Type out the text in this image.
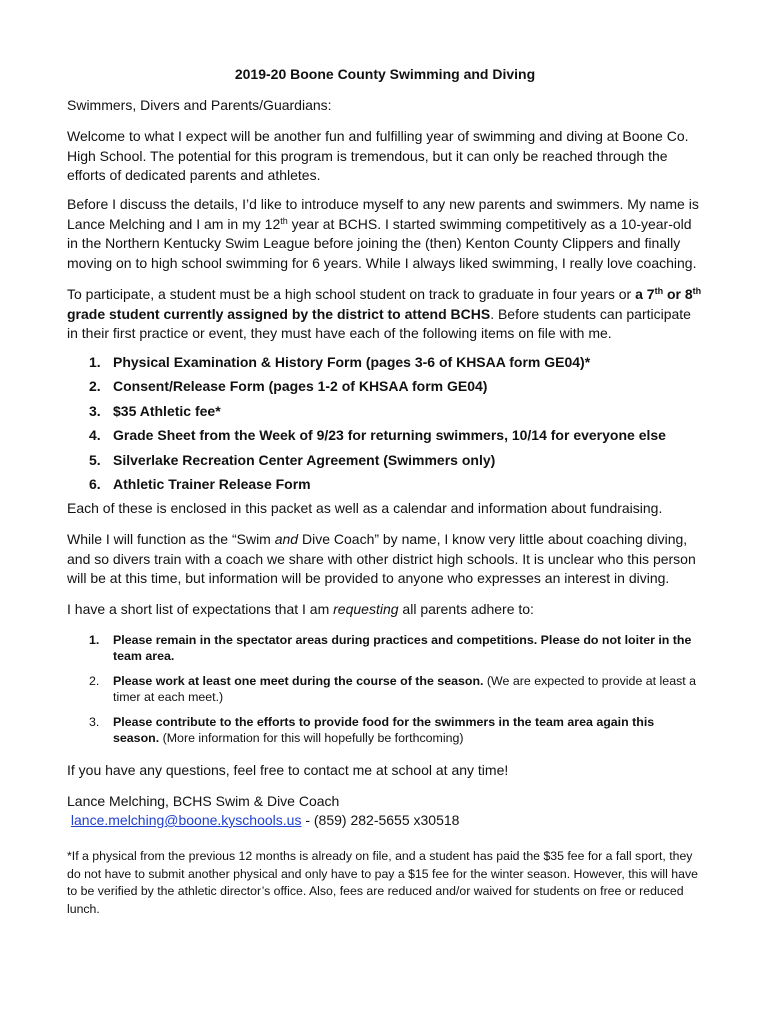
2019-20 Boone County Swimming and Diving

Swimmers, Divers and Parents/Guardians:

Welcome to what I expect will be another fun and fulfilling year of swimming and diving at Boone Co. High School. The potential for this program is tremendous, but it can only be reached through the efforts of dedicated parents and athletes.

Before I discuss the details, I’d like to introduce myself to any new parents and swimmers. My name is Lance Melching and I am in my 12th year at BCHS. I started swimming competitively as a 10-year-old in the Northern Kentucky Swim League before joining the (then) Kenton County Clippers and finally moving on to high school swimming for 6 years. While I always liked swimming, I really love coaching.

To participate, a student must be a high school student on track to graduate in four years or a 7th or 8th grade student currently assigned by the district to attend BCHS. Before students can participate in their first practice or event, they must have each of the following items on file with me.

1. Physical Examination & History Form (pages 3-6 of KHSAA form GE04)*
2. Consent/Release Form (pages 1-2 of KHSAA form GE04)
3. $35 Athletic fee*
4. Grade Sheet from the Week of 9/23 for returning swimmers, 10/14 for everyone else
5. Silverlake Recreation Center Agreement (Swimmers only)
6. Athletic Trainer Release Form

Each of these is enclosed in this packet as well as a calendar and information about fundraising.

While I will function as the “Swim and Dive Coach” by name, I know very little about coaching diving, and so divers train with a coach we share with other district high schools. It is unclear who this person will be at this time, but information will be provided to anyone who expresses an interest in diving.

I have a short list of expectations that I am requesting all parents adhere to:

1. Please remain in the spectator areas during practices and competitions. Please do not loiter in the team area.
2. Please work at least one meet during the course of the season. (We are expected to provide at least a timer at each meet.)
3. Please contribute to the efforts to provide food for the swimmers in the team area again this season. (More information for this will hopefully be forthcoming)

If you have any questions, feel free to contact me at school at any time!

Lance Melching, BCHS Swim & Dive Coach

lance.melching@boone.kyschools.us - (859) 282-5655 x30518

*If a physical from the previous 12 months is already on file, and a student has paid the $35 fee for a fall sport, they do not have to submit another physical and only have to pay a $15 fee for the winter season. However, this will have to be verified by the athletic director’s office. Also, fees are reduced and/or waived for students on free or reduced lunch.
